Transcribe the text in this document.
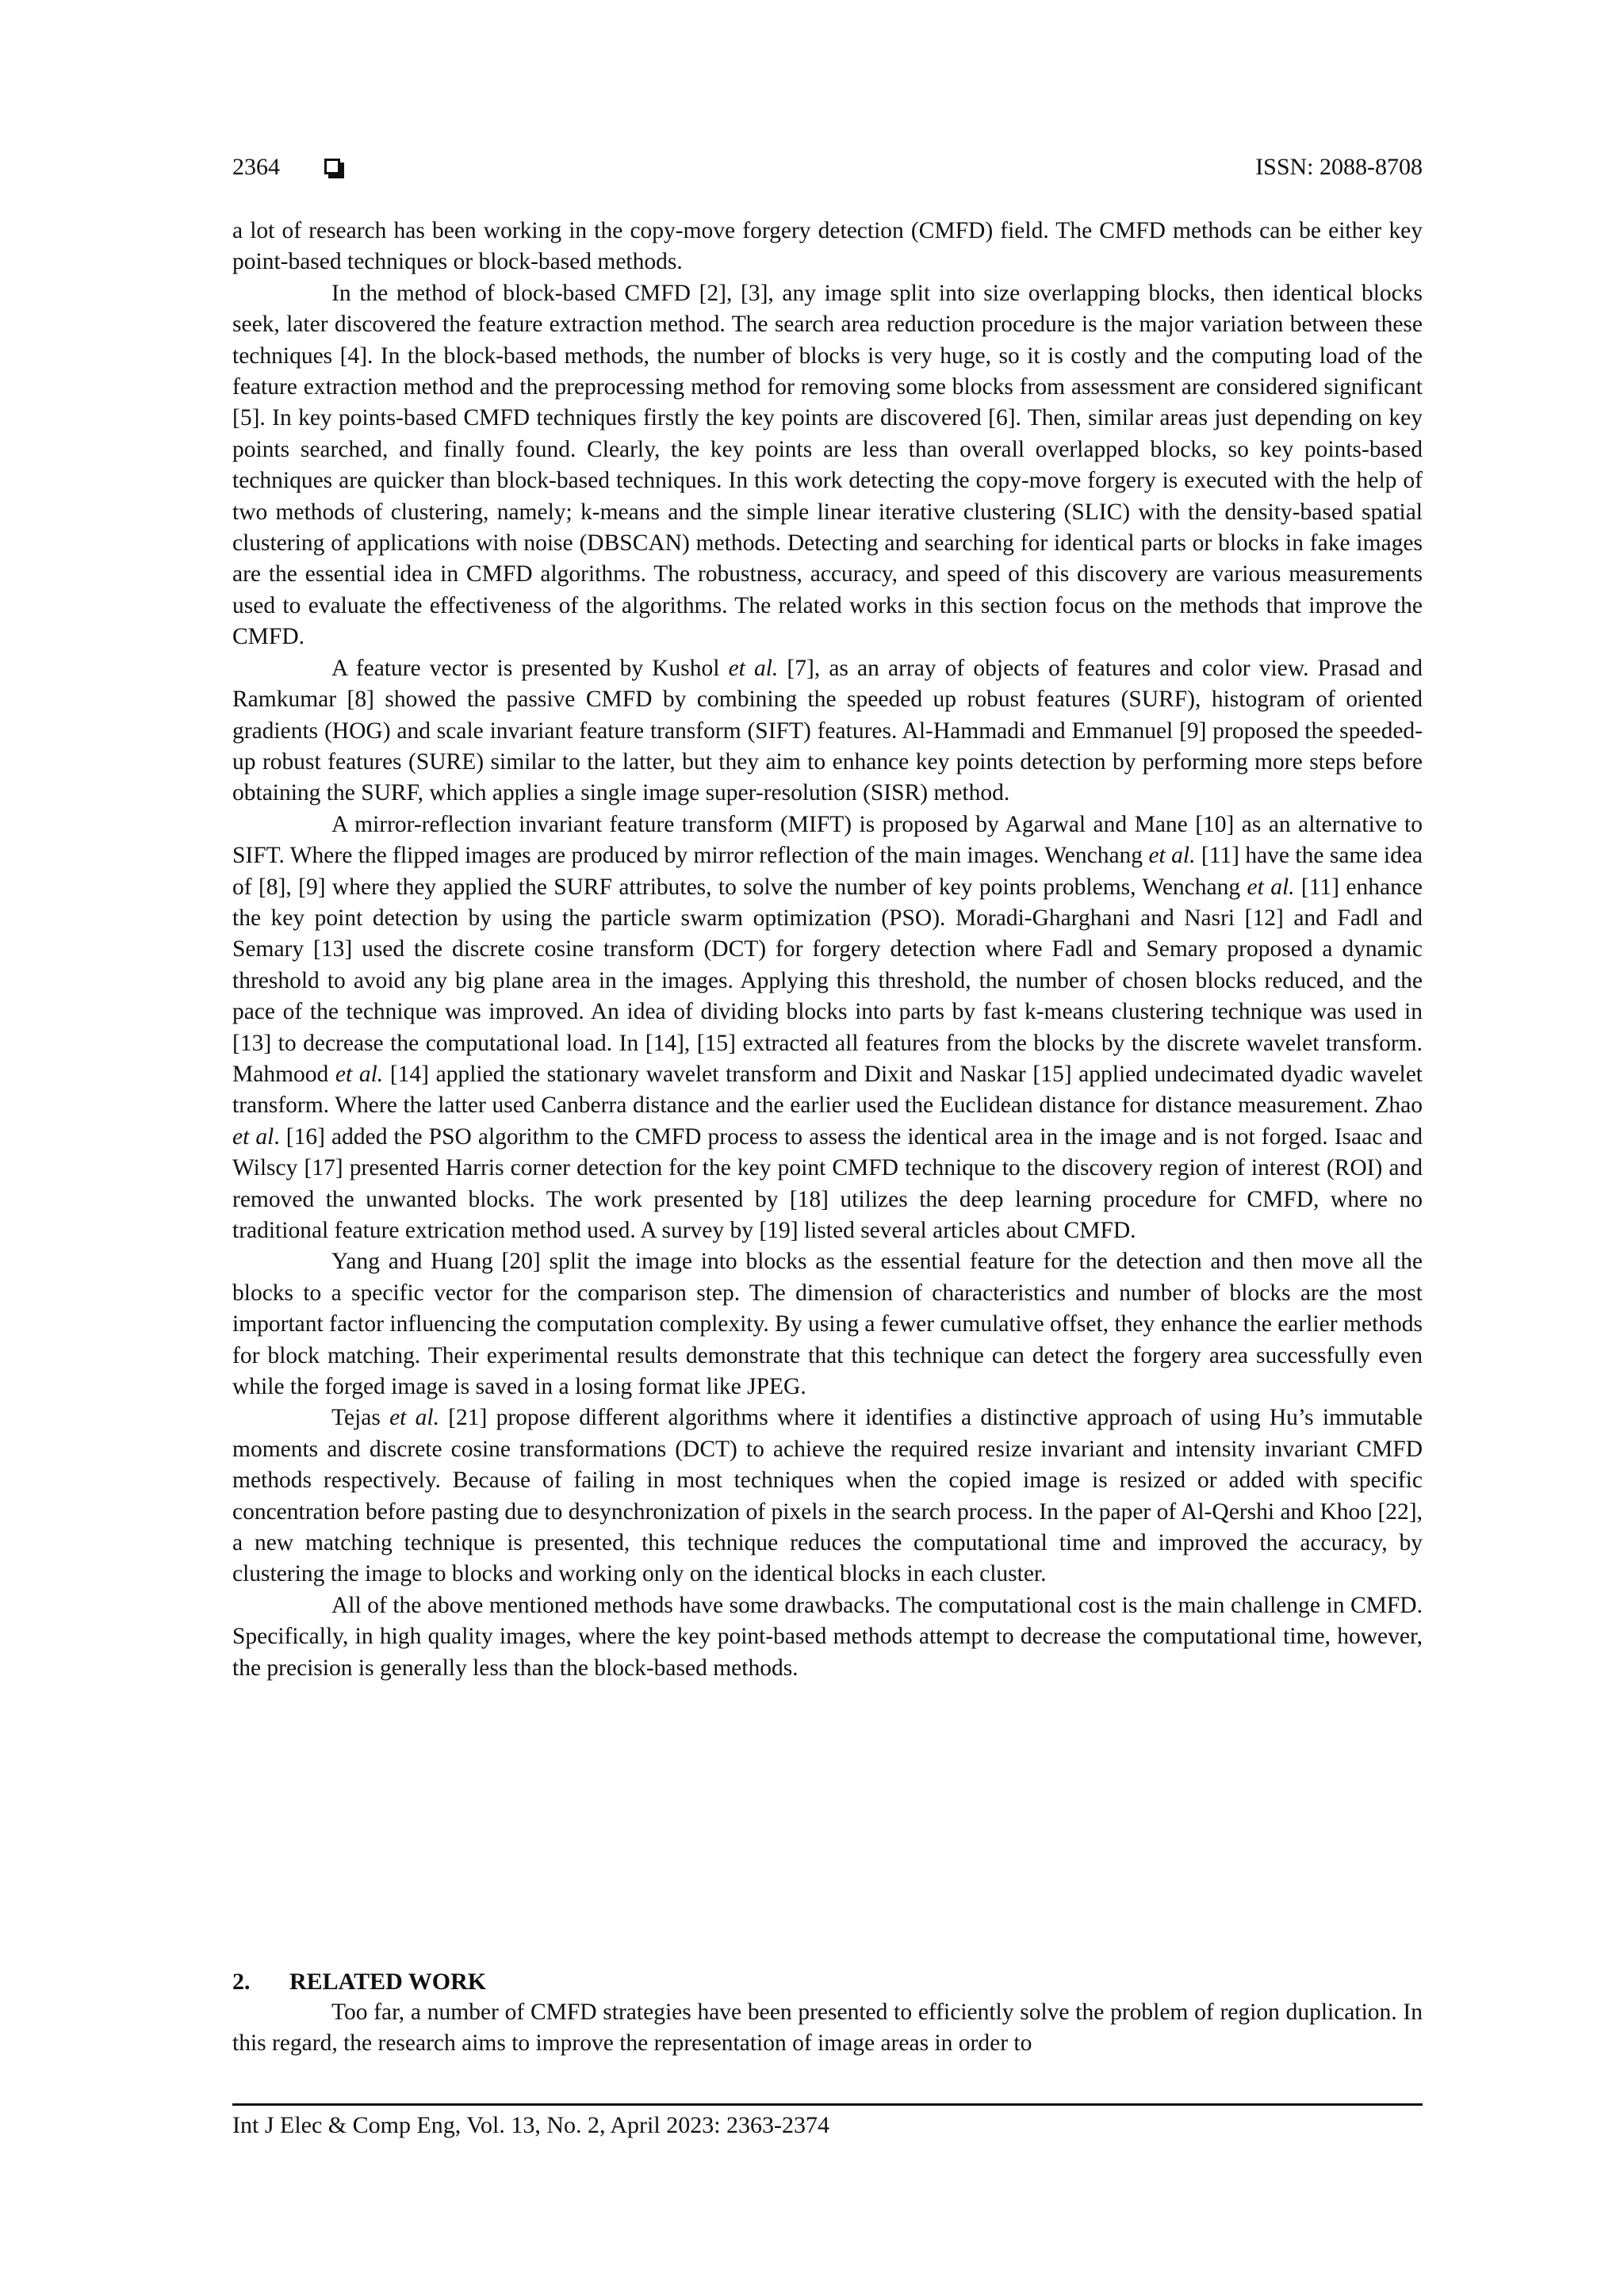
2364	ISSN: 2088-8708

a lot of research has been working in the copy-move forgery detection (CMFD) field. The CMFD methods can be either key point-based techniques or block-based methods.

In the method of block-based CMFD [2], [3], any image split into size overlapping blocks, then identical blocks seek, later discovered the feature extraction method. The search area reduction procedure is the major variation between these techniques [4]. In the block-based methods, the number of blocks is very huge, so it is costly and the computing load of the feature extraction method and the preprocessing method for removing some blocks from assessment are considered significant [5]. In key points-based CMFD techniques firstly the key points are discovered [6]. Then, similar areas just depending on key points searched, and finally found. Clearly, the key points are less than overall overlapped blocks, so key points-based techniques are quicker than block-based techniques. In this work detecting the copy-move forgery is executed with the help of two methods of clustering, namely; k-means and the simple linear iterative clustering (SLIC) with the density-based spatial clustering of applications with noise (DBSCAN) methods. Detecting and searching for identical parts or blocks in fake images are the essential idea in CMFD algorithms. The robustness, accuracy, and speed of this discovery are various measurements used to evaluate the effectiveness of the algorithms. The related works in this section focus on the methods that improve the CMFD.

A feature vector is presented by Kushol et al. [7], as an array of objects of features and color view. Prasad and Ramkumar [8] showed the passive CMFD by combining the speeded up robust features (SURF), histogram of oriented gradients (HOG) and scale invariant feature transform (SIFT) features. Al-Hammadi and Emmanuel [9] proposed the speeded-up robust features (SURE) similar to the latter, but they aim to enhance key points detection by performing more steps before obtaining the SURF, which applies a single image super-resolution (SISR) method.

A mirror-reflection invariant feature transform (MIFT) is proposed by Agarwal and Mane [10] as an alternative to SIFT. Where the flipped images are produced by mirror reflection of the main images. Wenchang et al. [11] have the same idea of [8], [9] where they applied the SURF attributes, to solve the number of key points problems, Wenchang et al. [11] enhance the key point detection by using the particle swarm optimization (PSO). Moradi-Gharghani and Nasri [12] and Fadl and Semary [13] used the discrete cosine transform (DCT) for forgery detection where Fadl and Semary proposed a dynamic threshold to avoid any big plane area in the images. Applying this threshold, the number of chosen blocks reduced, and the pace of the technique was improved. An idea of dividing blocks into parts by fast k-means clustering technique was used in [13] to decrease the computational load. In [14], [15] extracted all features from the blocks by the discrete wavelet transform. Mahmood et al. [14] applied the stationary wavelet transform and Dixit and Naskar [15] applied undecimated dyadic wavelet transform. Where the latter used Canberra distance and the earlier used the Euclidean distance for distance measurement. Zhao et al. [16] added the PSO algorithm to the CMFD process to assess the identical area in the image and is not forged. Isaac and Wilscy [17] presented Harris corner detection for the key point CMFD technique to the discovery region of interest (ROI) and removed the unwanted blocks. The work presented by [18] utilizes the deep learning procedure for CMFD, where no traditional feature extrication method used. A survey by [19] listed several articles about CMFD.

Yang and Huang [20] split the image into blocks as the essential feature for the detection and then move all the blocks to a specific vector for the comparison step. The dimension of characteristics and number of blocks are the most important factor influencing the computation complexity. By using a fewer cumulative offset, they enhance the earlier methods for block matching. Their experimental results demonstrate that this technique can detect the forgery area successfully even while the forged image is saved in a losing format like JPEG.

Tejas et al. [21] propose different algorithms where it identifies a distinctive approach of using Hu’s immutable moments and discrete cosine transformations (DCT) to achieve the required resize invariant and intensity invariant CMFD methods respectively. Because of failing in most techniques when the copied image is resized or added with specific concentration before pasting due to desynchronization of pixels in the search process. In the paper of Al-Qershi and Khoo [22], a new matching technique is presented, this technique reduces the computational time and improved the accuracy, by clustering the image to blocks and working only on the identical blocks in each cluster.

All of the above mentioned methods have some drawbacks. The computational cost is the main challenge in CMFD. Specifically, in high quality images, where the key point-based methods attempt to decrease the computational time, however, the precision is generally less than the block-based methods.

2. RELATED WORK

Too far, a number of CMFD strategies have been presented to efficiently solve the problem of region duplication. In this regard, the research aims to improve the representation of image areas in order to

Int J Elec & Comp Eng, Vol. 13, No. 2, April 2023: 2363-2374
